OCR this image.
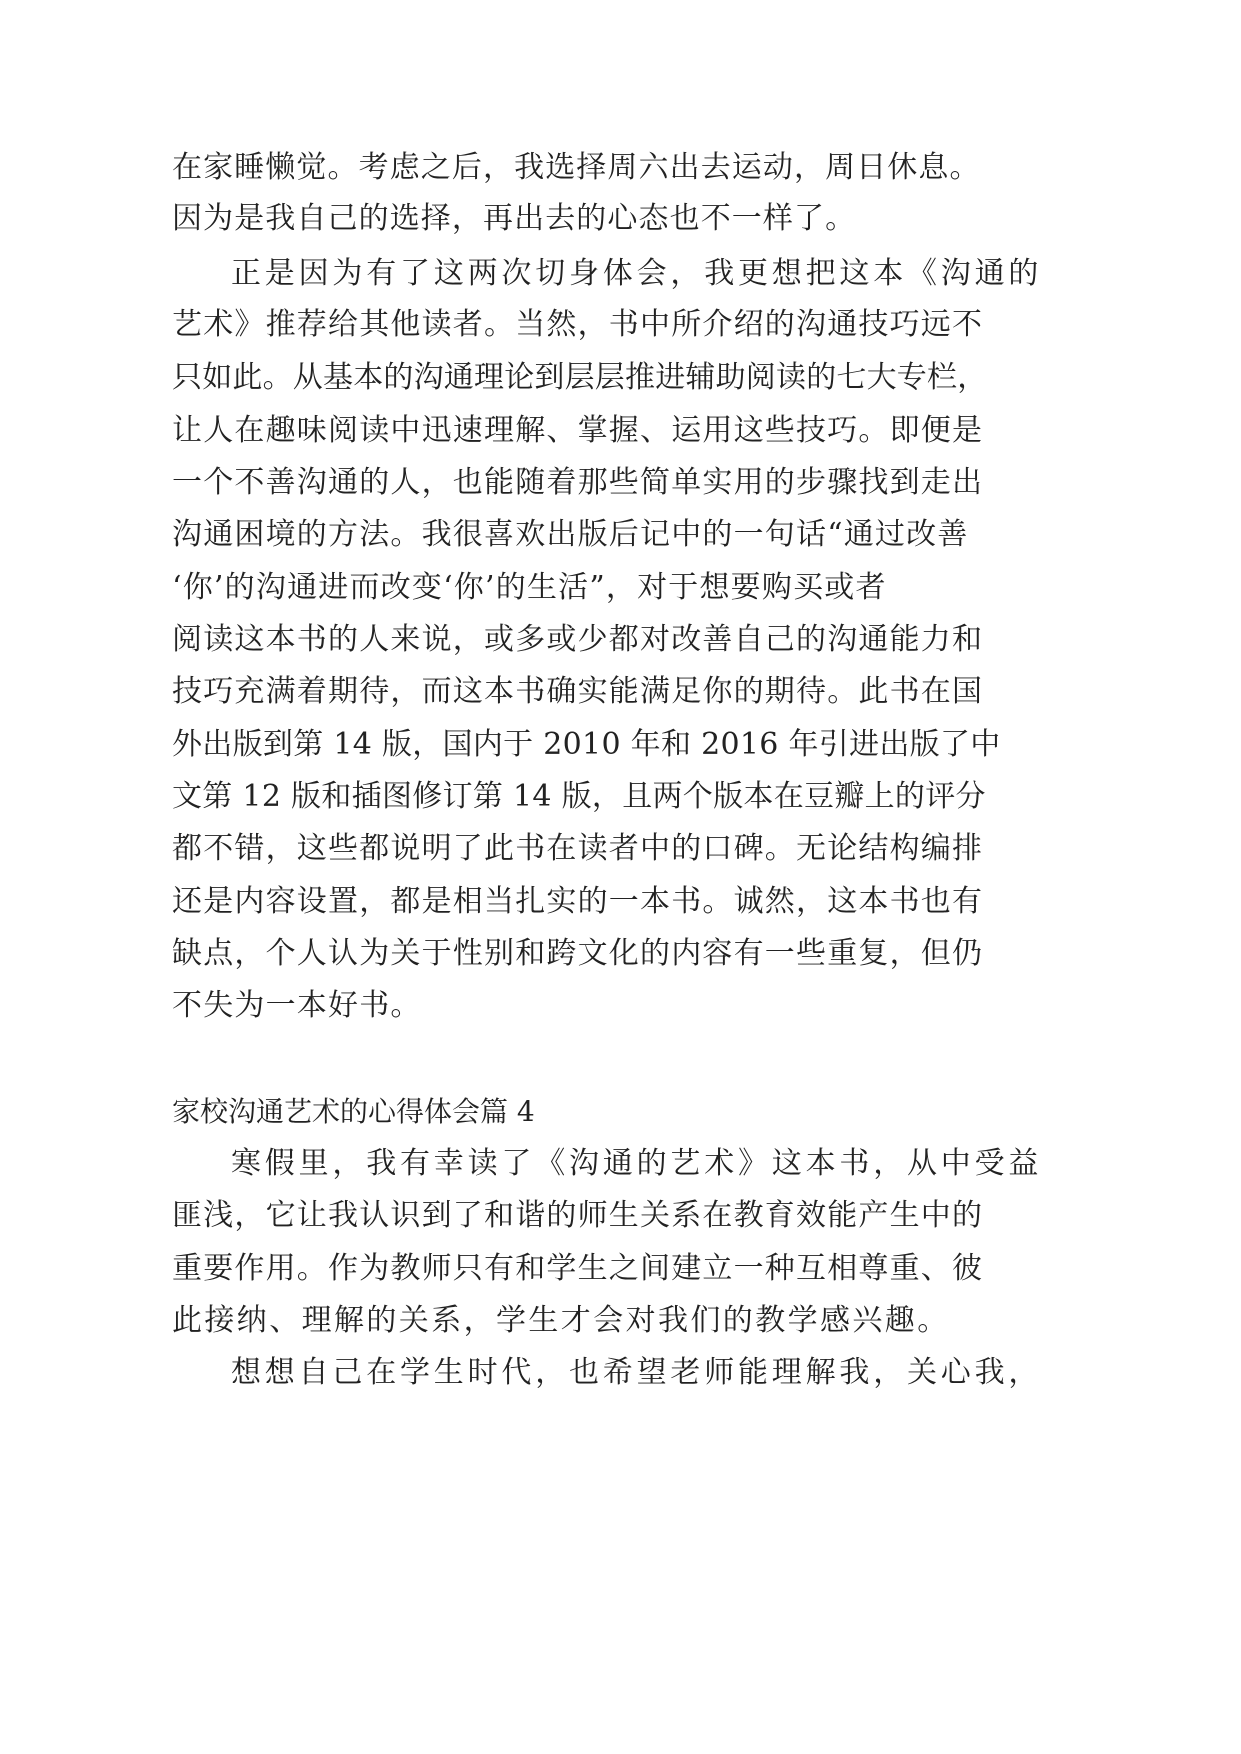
在家睡懒觉。考虑之后，我选择周六出去运动，周日休息。
因为是我自己的选择，再出去的心态也不一样了。
正是因为有了这两次切身体会，我更想把这本《沟通的
艺术》推荐给其他读者。当然，书中所介绍的沟通技巧远不
只如此。从基本的沟通理论到层层推进辅助阅读的七大专栏，
让人在趣味阅读中迅速理解、掌握、运用这些技巧。即便是
一个不善沟通的人，也能随着那些简单实用的步骤找到走出
沟通困境的方法。我很喜欢出版后记中的一句话“通过改善
‘你’的沟通进而改变‘你’的生活”，对于想要购买或者
阅读这本书的人来说，或多或少都对改善自己的沟通能力和
技巧充满着期待，而这本书确实能满足你的期待。此书在国
外出版到第 14 版，国内于 2010 年和 2016 年引进出版了中
文第 12 版和插图修订第 14 版，且两个版本在豆瓣上的评分
都不错，这些都说明了此书在读者中的口碑。无论结构编排
还是内容设置，都是相当扎实的一本书。诚然，这本书也有
缺点，个人认为关于性别和跨文化的内容有一些重复，但仍
不失为一本好书。
家校沟通艺术的心得体会篇 4
寒假里，我有幸读了《沟通的艺术》这本书，从中受益
匪浅，它让我认识到了和谐的师生关系在教育效能产生中的
重要作用。作为教师只有和学生之间建立一种互相尊重、彼
此接纳、理解的关系，学生才会对我们的教学感兴趣。
想想自己在学生时代，也希望老师能理解我，关心我，
